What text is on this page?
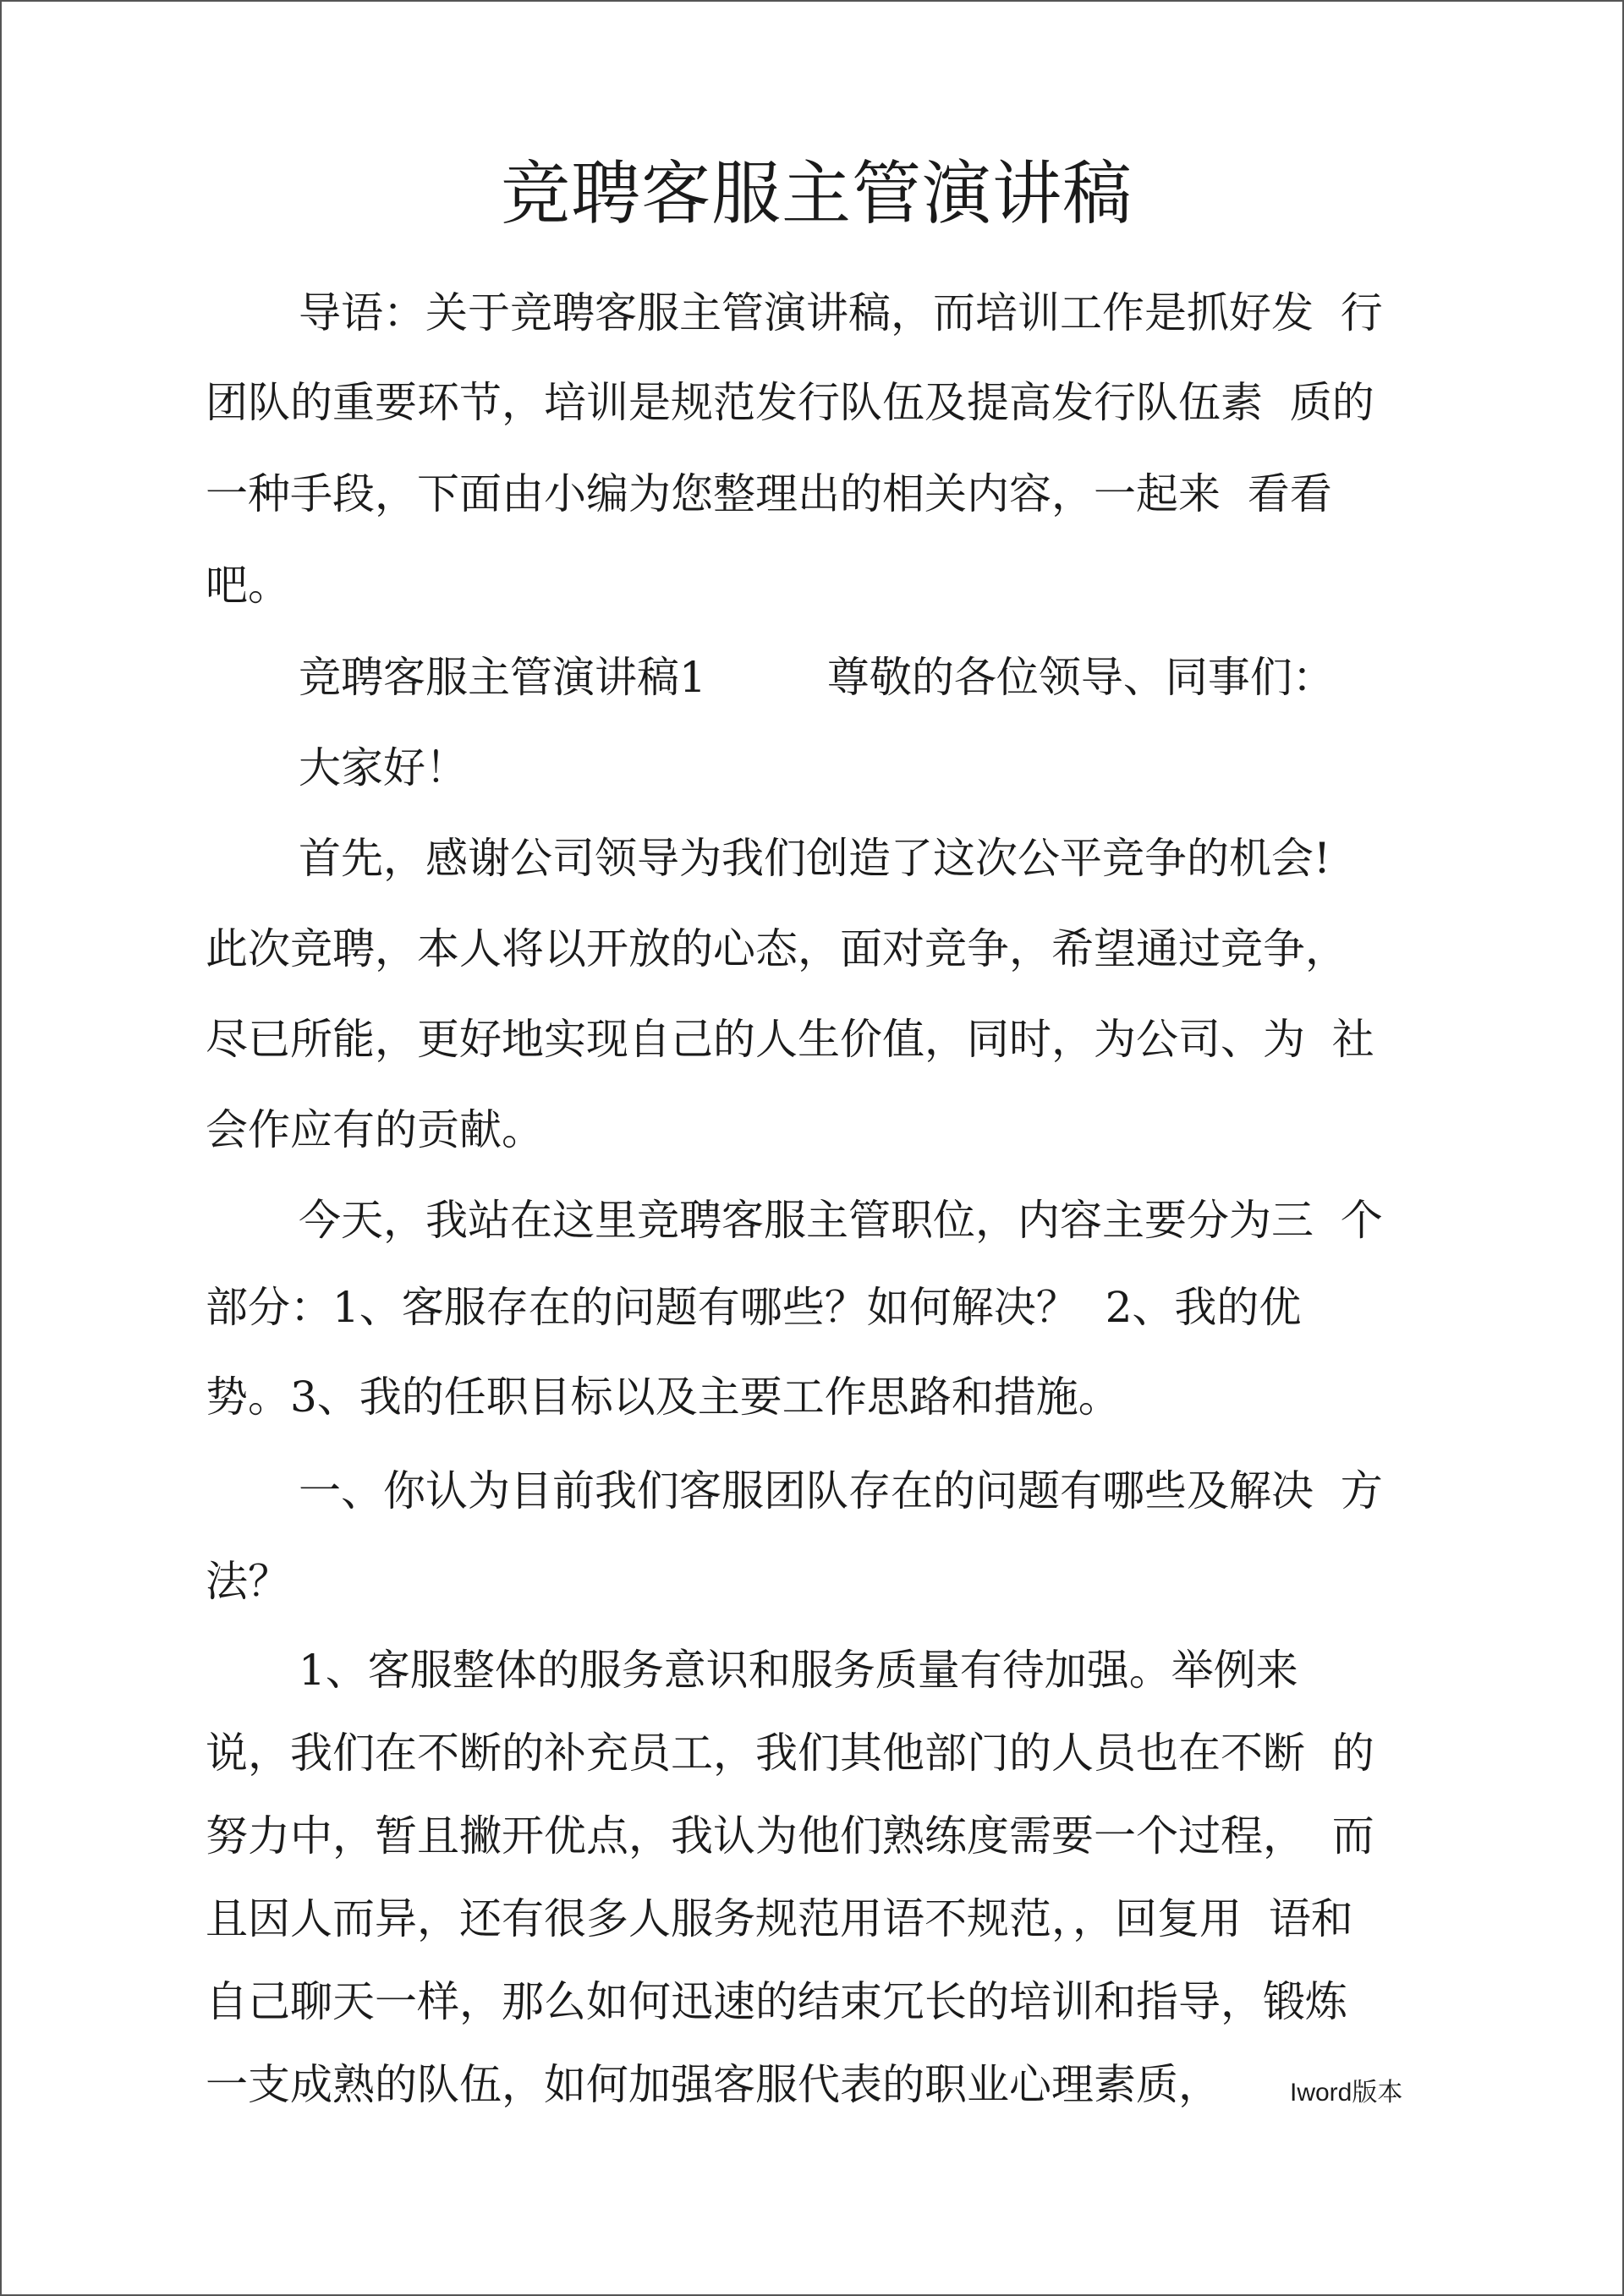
竞聘客服主管演讲稿
导语：关于竞聘客服主管演讲稿，而培训工作是抓好发  行
团队的重要环节，培训是规范发行队伍及提高发行队伍素  质的
一种手段，下面由小编为您整理出的相关内容，一起来  看看
吧。
竞聘客服主管演讲稿1         尊敬的各位领导、同事们：
大家好！
首先，感谢公司领导为我们创造了这次公平竞争的机会!
此次竞聘，本人将以开放的心态，面对竞争，希望通过竞争，
尽已所能，更好地实现自己的人生价值，同时，为公司、为  社
会作应有的贡献。
今天，我站在这里竞聘客服主管职位，内容主要分为三  个
部分：1、客服存在的问题有哪些？如何解决？  2、我的优
势。3、我的任职目标以及主要工作思路和措施。
一、你认为目前我们客服团队存在的问题有哪些及解决  方
法？
1、客服整体的服务意识和服务质量有待加强。举例来
说，我们在不断的补充员工，我们其他部门的人员也在不断  的
努力中，暂且撇开优点，我认为他们熟练度需要一个过程，  而
且因人而异，还有很多人服务规范用语不规范，，回复用  语和
自己聊天一样，那么如何迅速的结束冗长的培训和指导，锻炼
一支成熟的队伍，如何加强客服代表的职业心理素质，	Iword版本
